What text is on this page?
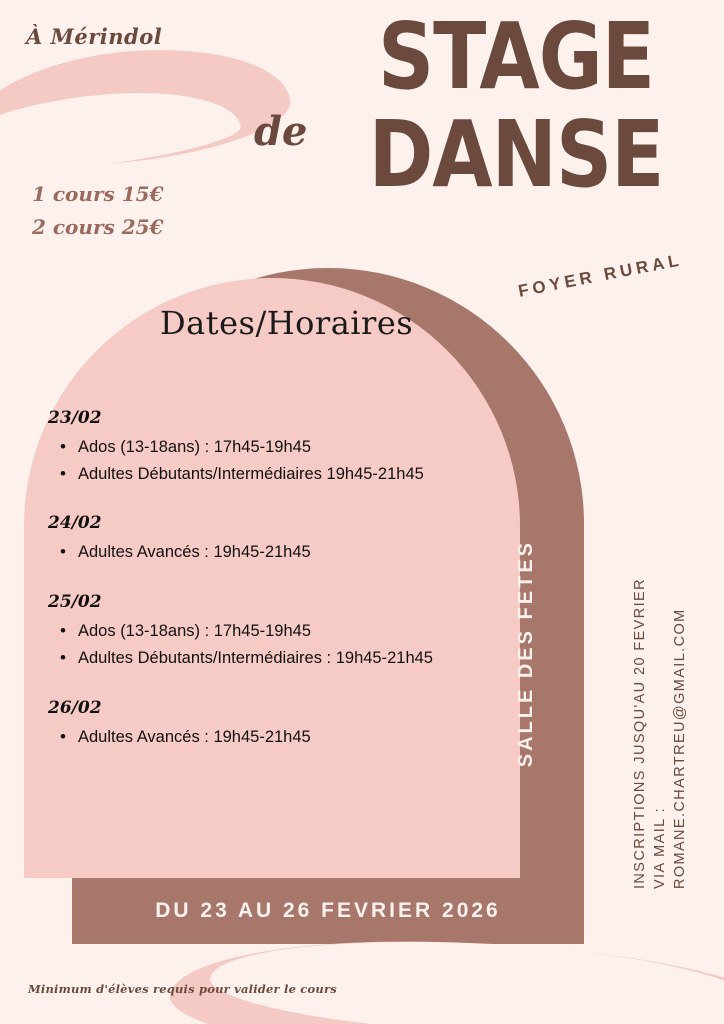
À Mérindol
1 cours 15€
2 cours 25€
de
STAGE
DANSE
FOYER RURAL
Dates/Horaires
23/02
• Ados (13-18ans) : 17h45-19h45
• Adultes Débutants/Intermédiaires 19h45-21h45
24/02
• Adultes Avancés : 19h45-21h45
25/02
• Ados (13-18ans) : 17h45-19h45
• Adultes Débutants/Intermédiaires : 19h45-21h45
26/02
• Adultes Avancés : 19h45-21h45	SALLE DES FETES	INSCRIPTIONS JUSQU'AU 20 FEVRIER VIA MAIL : ROMANE.CHARTREU@GMAIL.COM
DU 23 AU 26 FEVRIER 2026
Minimum d'élèves requis pour valider le cours
